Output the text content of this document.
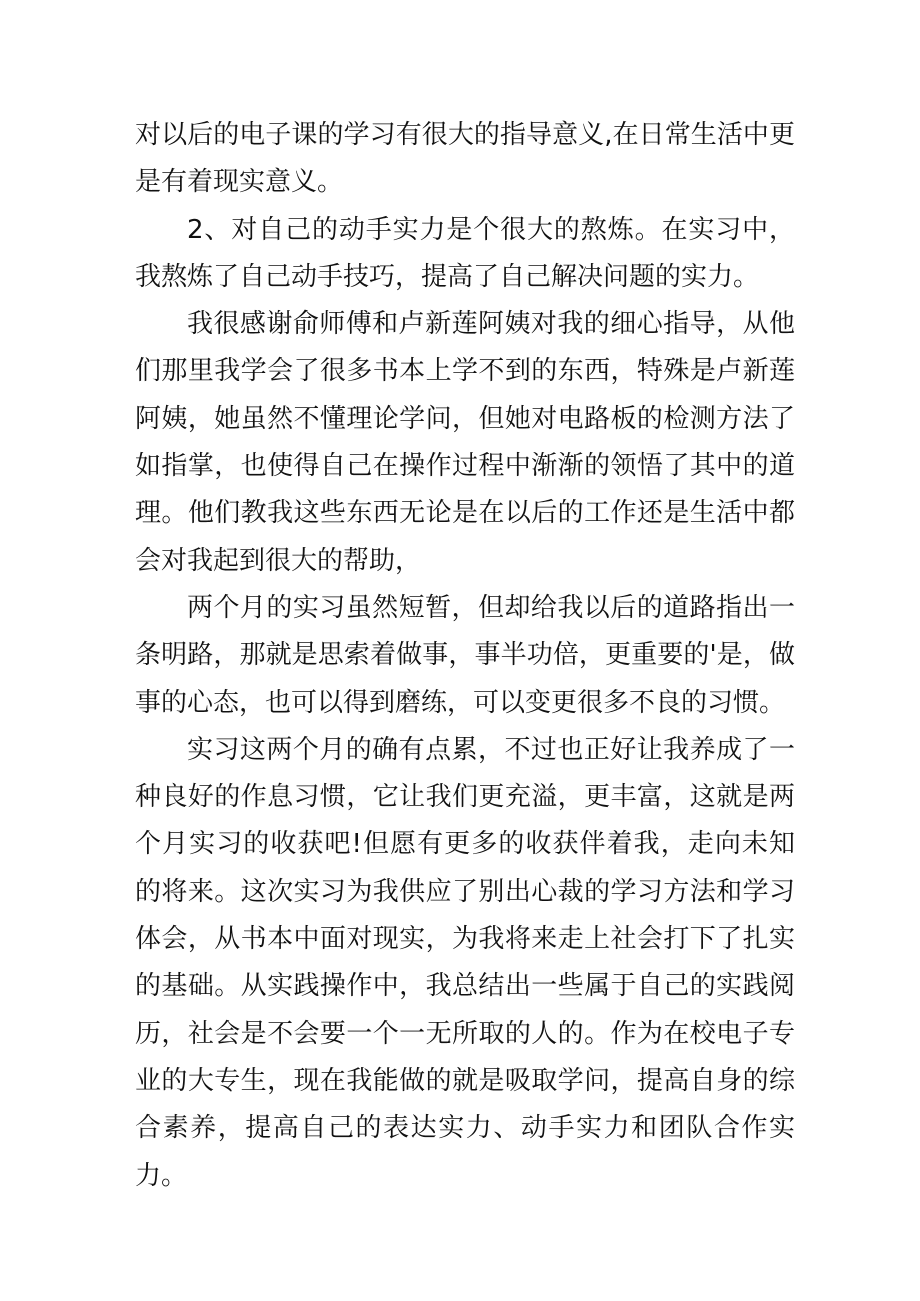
对以后的电子课的学习有很大的指导意义,在日常生活中更是有着现实意义。

2、对自己的动手实力是个很大的熬炼。在实习中，我熬炼了自己动手技巧，提高了自己解决问题的实力。

我很感谢俞师傅和卢新莲阿姨对我的细心指导，从他们那里我学会了很多书本上学不到的东西，特殊是卢新莲阿姨，她虽然不懂理论学问，但她对电路板的检测方法了如指掌，也使得自己在操作过程中渐渐的领悟了其中的道理。他们教我这些东西无论是在以后的工作还是生活中都会对我起到很大的帮助，

两个月的实习虽然短暂，但却给我以后的道路指出一条明路，那就是思索着做事，事半功倍，更重要的'是，做事的心态，也可以得到磨练，可以变更很多不良的习惯。

实习这两个月的确有点累，不过也正好让我养成了一种良好的作息习惯，它让我们更充溢，更丰富，这就是两个月实习的收获吧!但愿有更多的收获伴着我，走向未知的将来。这次实习为我供应了别出心裁的学习方法和学习体会，从书本中面对现实，为我将来走上社会打下了扎实的基础。从实践操作中，我总结出一些属于自己的实践阅历，社会是不会要一个一无所取的人的。作为在校电子专业的大专生，现在我能做的就是吸取学问，提高自身的综合素养，提高自己的表达实力、动手实力和团队合作实力。
